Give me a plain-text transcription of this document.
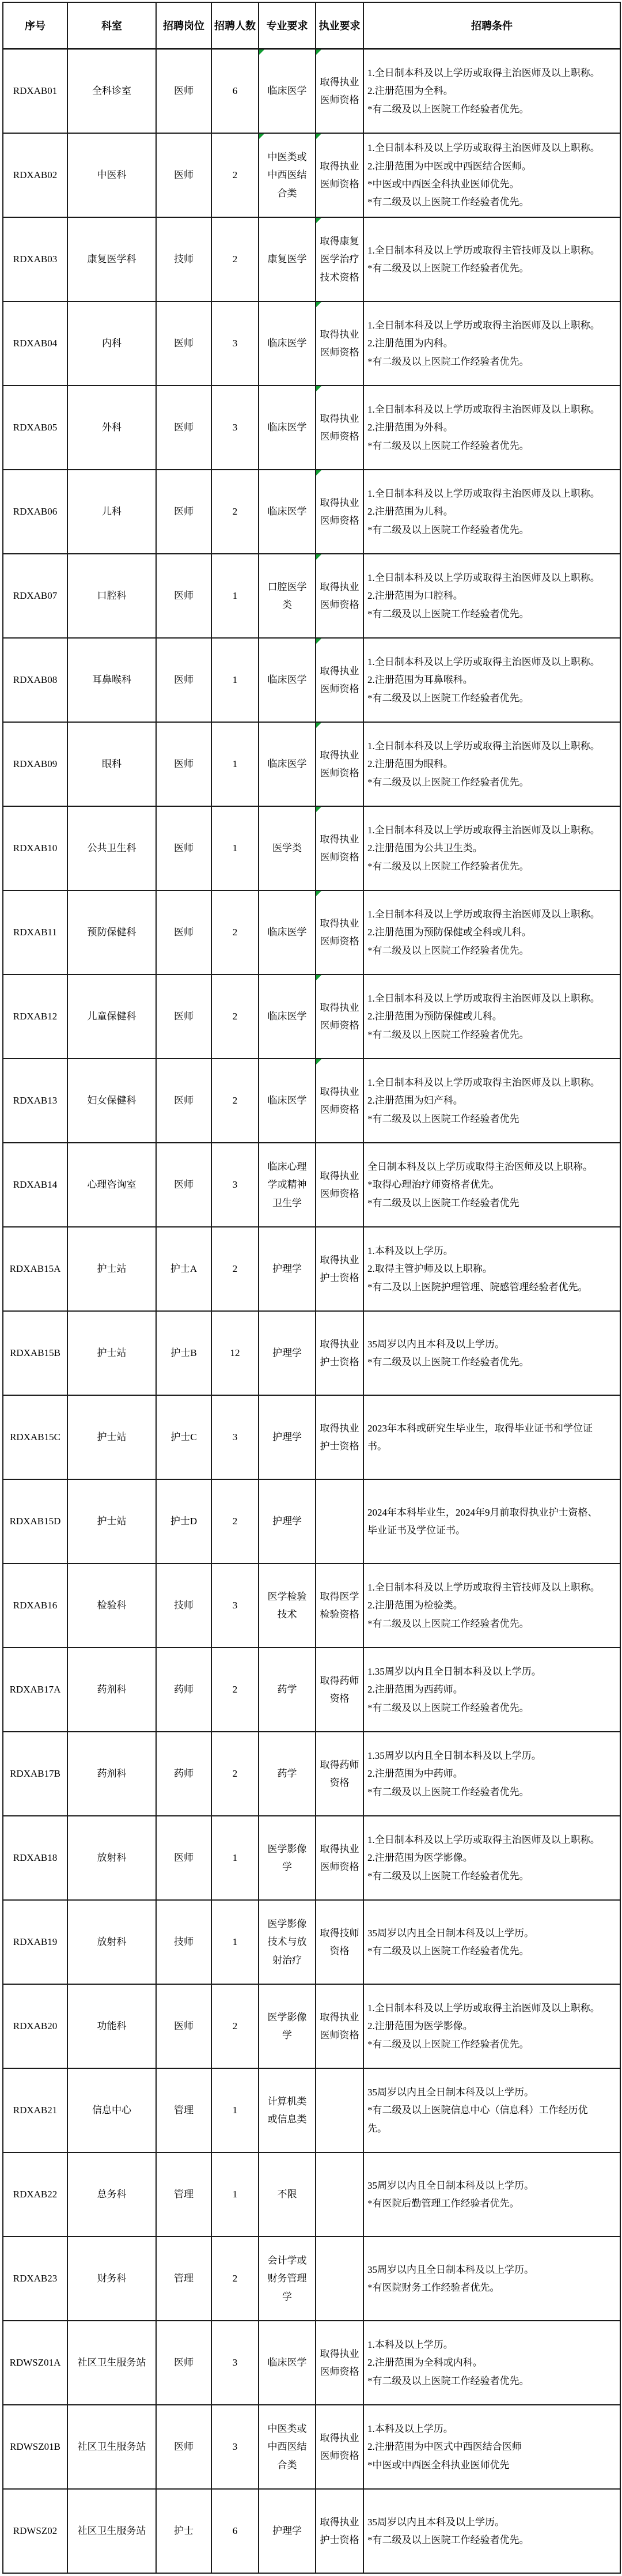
序号	科室	招聘岗位	招聘人数	专业要求	执业要求	招聘条件
RDXAB01	全科诊室	医师	6	临床医学	取得执业医师资格	1.全日制本科及以上学历或取得主治医师及以上职称。
2.注册范围为全科。
*有二级及以上医院工作经验者优先。

RDXAB02	中医科	医师	2	中医类或中西医结合类	取得执业医师资格	1.全日制本科及以上学历或取得主治医师及以上职称。
2.注册范围为中医或中西医结合医师。
*中医或中西医全科执业医师优先。
*有二级及以上医院工作经验者优先。

RDXAB03	康复医学科	技师	2	康复医学	取得康复医学治疗技术资格	1.全日制本科及以上学历或取得主管技师及以上职称。
*有二级及以上医院工作经验者优先。

RDXAB04	内科	医师	3	临床医学	取得执业医师资格	1.全日制本科及以上学历或取得主治医师及以上职称。
2.注册范围为内科。
*有二级及以上医院工作经验者优先。

RDXAB05	外科	医师	3	临床医学	取得执业医师资格	1.全日制本科及以上学历或取得主治医师及以上职称。
2.注册范围为外科。
*有二级及以上医院工作经验者优先。

RDXAB06	儿科	医师	2	临床医学	取得执业医师资格	1.全日制本科及以上学历或取得主治医师及以上职称。
2.注册范围为儿科。
*有二级及以上医院工作经验者优先。

RDXAB07	口腔科	医师	1	口腔医学类	取得执业医师资格	1.全日制本科及以上学历或取得主治医师及以上职称。
2.注册范围为口腔科。
*有二级及以上医院工作经验者优先。

RDXAB08	耳鼻喉科	医师	1	临床医学	取得执业医师资格	1.全日制本科及以上学历或取得主治医师及以上职称。
2.注册范围为耳鼻喉科。
*有二级及以上医院工作经验者优先。

RDXAB09	眼科	医师	1	临床医学	取得执业医师资格	1.全日制本科及以上学历或取得主治医师及以上职称。
2.注册范围为眼科。
*有二级及以上医院工作经验者优先。

RDXAB10	公共卫生科	医师	1	医学类	取得执业医师资格	1.全日制本科及以上学历或取得主治医师及以上职称。
2.注册范围为公共卫生类。
*有二级及以上医院工作经验者优先。

RDXAB11	预防保健科	医师	2	临床医学	取得执业医师资格	1.全日制本科及以上学历或取得主治医师及以上职称。
2.注册范围为预防保健或全科或儿科。
*有二级及以上医院工作经验者优先。

RDXAB12	儿童保健科	医师	2	临床医学	取得执业医师资格	1.全日制本科及以上学历或取得主治医师及以上职称。
2.注册范围为预防保健或儿科。
*有二级及以上医院工作经验者优先。

RDXAB13	妇女保健科	医师	2	临床医学	取得执业医师资格	1.全日制本科及以上学历或取得主治医师及以上职称。
2.注册范围为妇产科。
*有二级及以上医院工作经验者优先

RDXAB14	心理咨询室	医师	3	临床心理学或精神卫生学	取得执业医师资格	全日制本科及以上学历或取得主治医师及以上职称。
*取得心理治疗师资格者优先。
*有二级及以上医院工作经验者优先

RDXAB15A	护士站	护士A	2	护理学	取得执业护士资格	1.本科及以上学历。
2.取得主管护师及以上职称。
*有二及以上医院护理管理、院感管理经验者优先。

RDXAB15B	护士站	护士B	12	护理学	取得执业护士资格	35周岁以内且本科及以上学历。
*有二级及以上医院工作经验者优先。

RDXAB15C	护士站	护士C	3	护理学	取得执业护士资格	2023年本科或研究生毕业生，取得毕业证书和学位证书。

RDXAB15D	护士站	护士D	2	护理学		2024年本科毕业生，2024年9月前取得执业护士资格、毕业证书及学位证书。

RDXAB16	检验科	技师	3	医学检验技术	取得医学检验资格	1.全日制本科及以上学历或取得主管技师及以上职称。
2.注册范围为检验类。
*有二级及以上医院工作经验者优先。

RDXAB17A	药剂科	药师	2	药学	取得药师资格	1.35周岁以内且全日制本科及以上学历。
2.注册范围为西药师。
*有二级及以上医院工作经验者优先。

RDXAB17B	药剂科	药师	2	药学	取得药师资格	1.35周岁以内且全日制本科及以上学历。
2.注册范围为中药师。
*有二级及以上医院工作经验者优先。

RDXAB18	放射科	医师	1	医学影像学	取得执业医师资格	1.全日制本科及以上学历或取得主治医师及以上职称。
2.注册范围为医学影像。
*有二级及以上医院工作经验者优先。

RDXAB19	放射科	技师	1	医学影像技术与放射治疗	取得技师资格	35周岁以内且全日制本科及以上学历。
*有二级及以上医院工作经验者优先。

RDXAB20	功能科	医师	2	医学影像学	取得执业医师资格	1.全日制本科及以上学历或取得主治医师及以上职称。
2.注册范围为医学影像。
*有二级及以上医院工作经验者优先。

RDXAB21	信息中心	管理	1	计算机类或信息类		35周岁以内且全日制本科及以上学历。
*有二级及以上医院信息中心（信息科）工作经历优先。

RDXAB22	总务科	管理	1	不限		35周岁以内且全日制本科及以上学历。
*有医院后勤管理工作经验者优先。

RDXAB23	财务科	管理	2	会计学或财务管理学		35周岁以内且全日制本科及以上学历。
*有医院财务工作经验者优先。

RDWSZ01A	社区卫生服务站	医师	3	临床医学	取得执业医师资格	1.本科及以上学历。
2.注册范围为全科或内科。
*有二级及以上医院工作经验者优先。

RDWSZ01B	社区卫生服务站	医师	3	中医类或中西医结合类	取得执业医师资格	1.本科及以上学历。
2.注册范围为中医式中西医结合医师
*中医或中西医全科执业医师优先

RDWSZ02	社区卫生服务站	护士	6	护理学	取得执业护士资格	35周岁以内且本科及以上学历。
*有二级及以上医院工作经验者优先。
